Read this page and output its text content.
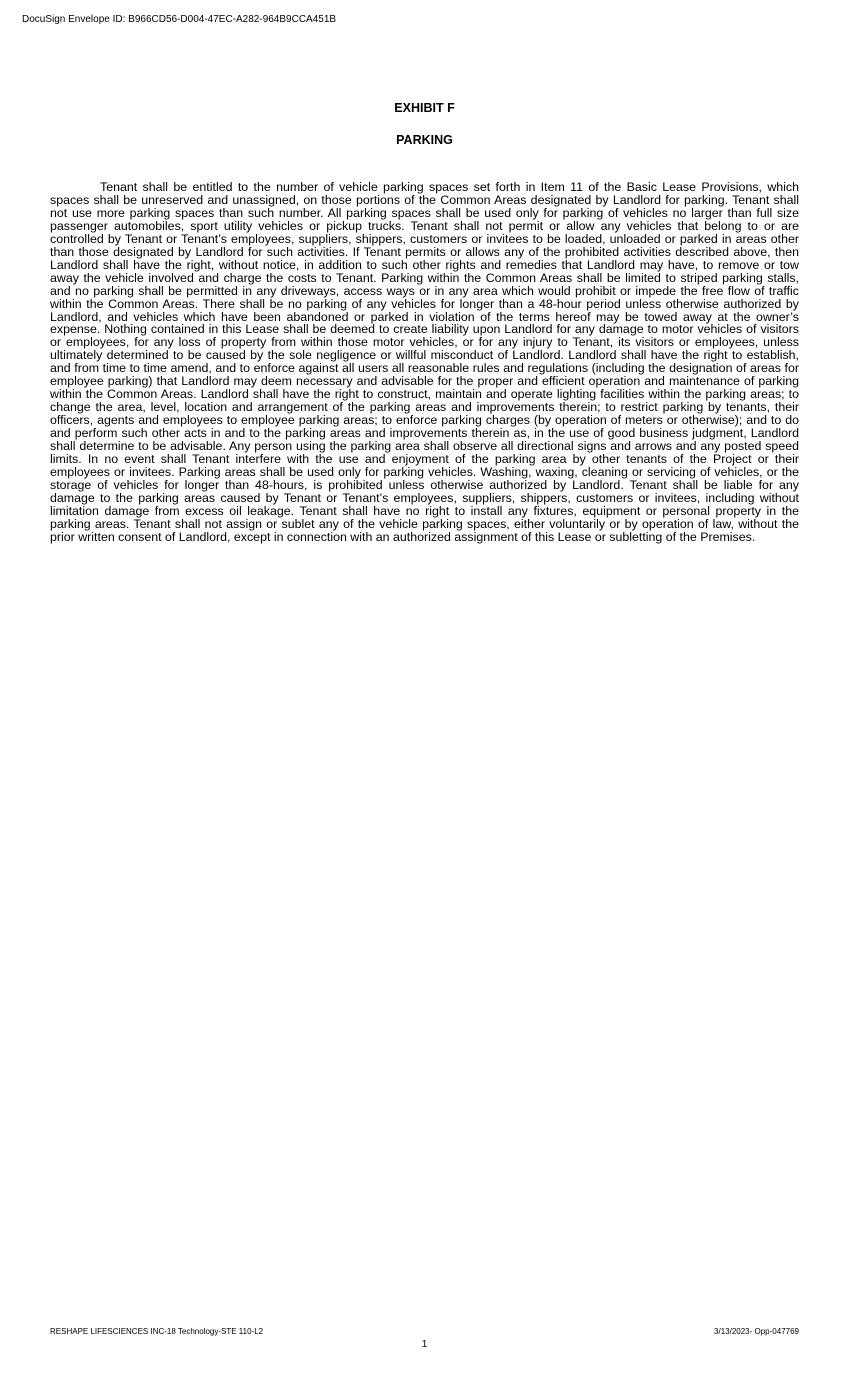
DocuSign Envelope ID: B966CD56-D004-47EC-A282-964B9CCA451B
EXHIBIT F
PARKING

Tenant shall be entitled to the number of vehicle parking spaces set forth in Item 11 of the Basic Lease Provisions, which spaces shall be unreserved and unassigned, on those portions of the Common Areas designated by Landlord for parking. Tenant shall not use more parking spaces than such number. All parking spaces shall be used only for parking of vehicles no larger than full size passenger automobiles, sport utility vehicles or pickup trucks. Tenant shall not permit or allow any vehicles that belong to or are controlled by Tenant or Tenant’s employees, suppliers, shippers, customers or invitees to be loaded, unloaded or parked in areas other than those designated by Landlord for such activities. If Tenant permits or allows any of the prohibited activities described above, then Landlord shall have the right, without notice, in addition to such other rights and remedies that Landlord may have, to remove or tow away the vehicle involved and charge the costs to Tenant. Parking within the Common Areas shall be limited to striped parking stalls, and no parking shall be permitted in any driveways, access ways or in any area which would prohibit or impede the free flow of traffic within the Common Areas. There shall be no parking of any vehicles for longer than a 48-hour period unless otherwise authorized by Landlord, and vehicles which have been abandoned or parked in violation of the terms hereof may be towed away at the owner’s expense. Nothing contained in this Lease shall be deemed to create liability upon Landlord for any damage to motor vehicles of visitors or employees, for any loss of property from within those motor vehicles, or for any injury to Tenant, its visitors or employees, unless ultimately determined to be caused by the sole negligence or willful misconduct of Landlord. Landlord shall have the right to establish, and from time to time amend, and to enforce against all users all reasonable rules and regulations (including the designation of areas for employee parking) that Landlord may deem necessary and advisable for the proper and efficient operation and maintenance of parking within the Common Areas. Landlord shall have the right to construct, maintain and operate lighting facilities within the parking areas; to change the area, level, location and arrangement of the parking areas and improvements therein; to restrict parking by tenants, their officers, agents and employees to employee parking areas; to enforce parking charges (by operation of meters or otherwise); and to do and perform such other acts in and to the parking areas and improvements therein as, in the use of good business judgment, Landlord shall determine to be advisable. Any person using the parking area shall observe all directional signs and arrows and any posted speed limits. In no event shall Tenant interfere with the use and enjoyment of the parking area by other tenants of the Project or their employees or invitees. Parking areas shall be used only for parking vehicles. Washing, waxing, cleaning or servicing of vehicles, or the storage of vehicles for longer than 48-hours, is prohibited unless otherwise authorized by Landlord. Tenant shall be liable for any damage to the parking areas caused by Tenant or Tenant’s employees, suppliers, shippers, customers or invitees, including without limitation damage from excess oil leakage. Tenant shall have no right to install any fixtures, equipment or personal property in the parking areas. Tenant shall not assign or sublet any of the vehicle parking spaces, either voluntarily or by operation of law, without the prior written consent of Landlord, except in connection with an authorized assignment of this Lease or subletting of the Premises.

RESHAPE LIFESCIENCES INC-18 Technology-STE 110-L2	3/13/2023- Opp-047769
1
